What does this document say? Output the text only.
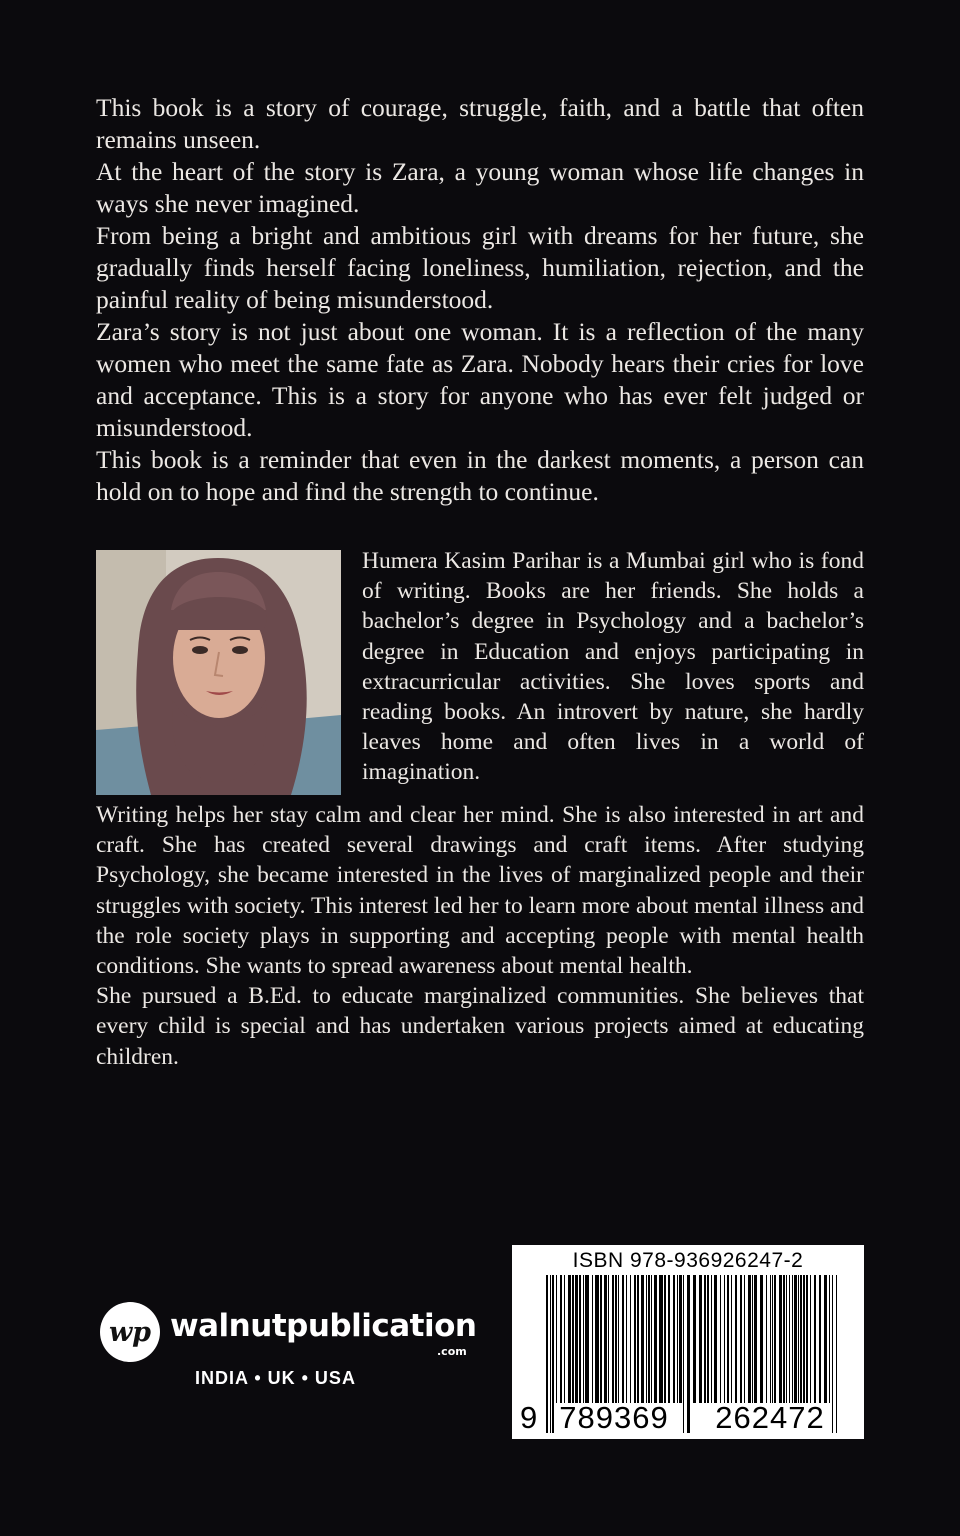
This book is a story of courage, struggle, faith, and a battle that often remains unseen.

At the heart of the story is Zara, a young woman whose life changes in ways she never imagined.

From being a bright and ambitious girl with dreams for her future, she gradually finds herself facing loneliness, humiliation, rejection, and the painful reality of being misunderstood.

Zara’s story is not just about one woman. It is a reflection of the many women who meet the same fate as Zara. Nobody hears their cries for love and acceptance. This is a story for anyone who has ever felt judged or misunderstood.

This book is a reminder that even in the darkest moments, a person can hold on to hope and find the strength to continue.

Humera Kasim Parihar is a Mumbai girl who is fond of writing. Books are her friends. She holds a bachelor’s degree in Psychology and a bachelor’s degree in Education and enjoys participating in extracurricular activities. She loves sports and reading books. An introvert by nature, she hardly leaves home and often lives in a world of imagination.

Writing helps her stay calm and clear her mind. She is also interested in art and craft. She has created several drawings and craft items. After studying Psychology, she became interested in the lives of marginalized people and their struggles with society. This interest led her to learn more about mental illness and the role society plays in supporting and accepting people with mental health conditions. She wants to spread awareness about mental health.

She pursued a B.Ed. to educate marginalized communities. She believes that every child is special and has undertaken various projects aimed at educating children.

wp walnutpublication
.com
INDIA • UK • USA
ISBN 978-936926247-2
9 789369	262472
